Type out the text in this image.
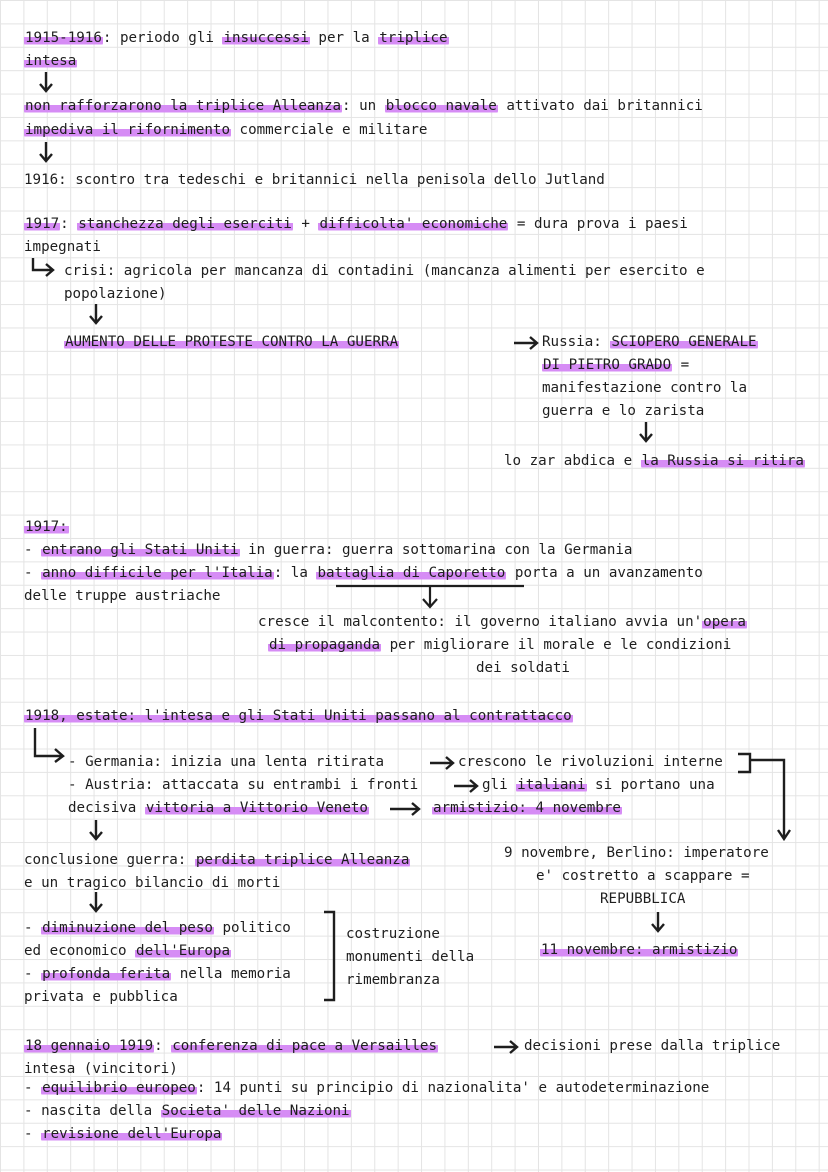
1915-1916: periodo gli insuccessi per la triplice
intesa
non rafforzarono la triplice Alleanza: un blocco navale attivato dai britannici
impediva il rifornimento commerciale e militare
1916: scontro tra tedeschi e britannici nella penisola dello Jutland
1917: stanchezza degli eserciti + difficolta' economiche = dura prova i paesi
impegnati
crisi: agricola per mancanza di contadini (mancanza alimenti per esercito e
popolazione)
AUMENTO DELLE PROTESTE CONTRO LA GUERRA	Russia: SCIOPERO GENERALE
DI PIETRO GRADO =
manifestazione contro la
guerra e lo zarista
lo zar abdica e la Russia si ritira
1917:
- entrano gli Stati Uniti in guerra: guerra sottomarina con la Germania
- anno difficile per l'Italia: la battaglia di Caporetto porta a un avanzamento
delle truppe austriache
cresce il malcontento: il governo italiano avvia un'opera
di propaganda per migliorare il morale e le condizioni
dei soldati
1918, estate: l'intesa e gli Stati Uniti passano al contrattacco
- Germania: inizia una lenta ritirata	crescono le rivoluzioni interne
- Austria: attaccata su entrambi i fronti	gli italiani si portano una
decisiva vittoria a Vittorio Veneto	armistizio: 4 novembre
conclusione guerra: perdita triplice Alleanza
e un tragico bilancio di morti
- diminuzione del peso politico
ed economico dell'Europa
- profonda ferita nella memoria
privata e pubblica
costruzione
monumenti della
rimembranza
9 novembre, Berlino: imperatore
e' costretto a scappare =
REPUBBLICA
11 novembre: armistizio
18 gennaio 1919: conferenza di pace a Versailles	decisioni prese dalla triplice
intesa (vincitori)
- equilibrio europeo: 14 punti su principio di nazionalita' e autodeterminazione
- nascita della Societa' delle Nazioni
- revisione dell'Europa
